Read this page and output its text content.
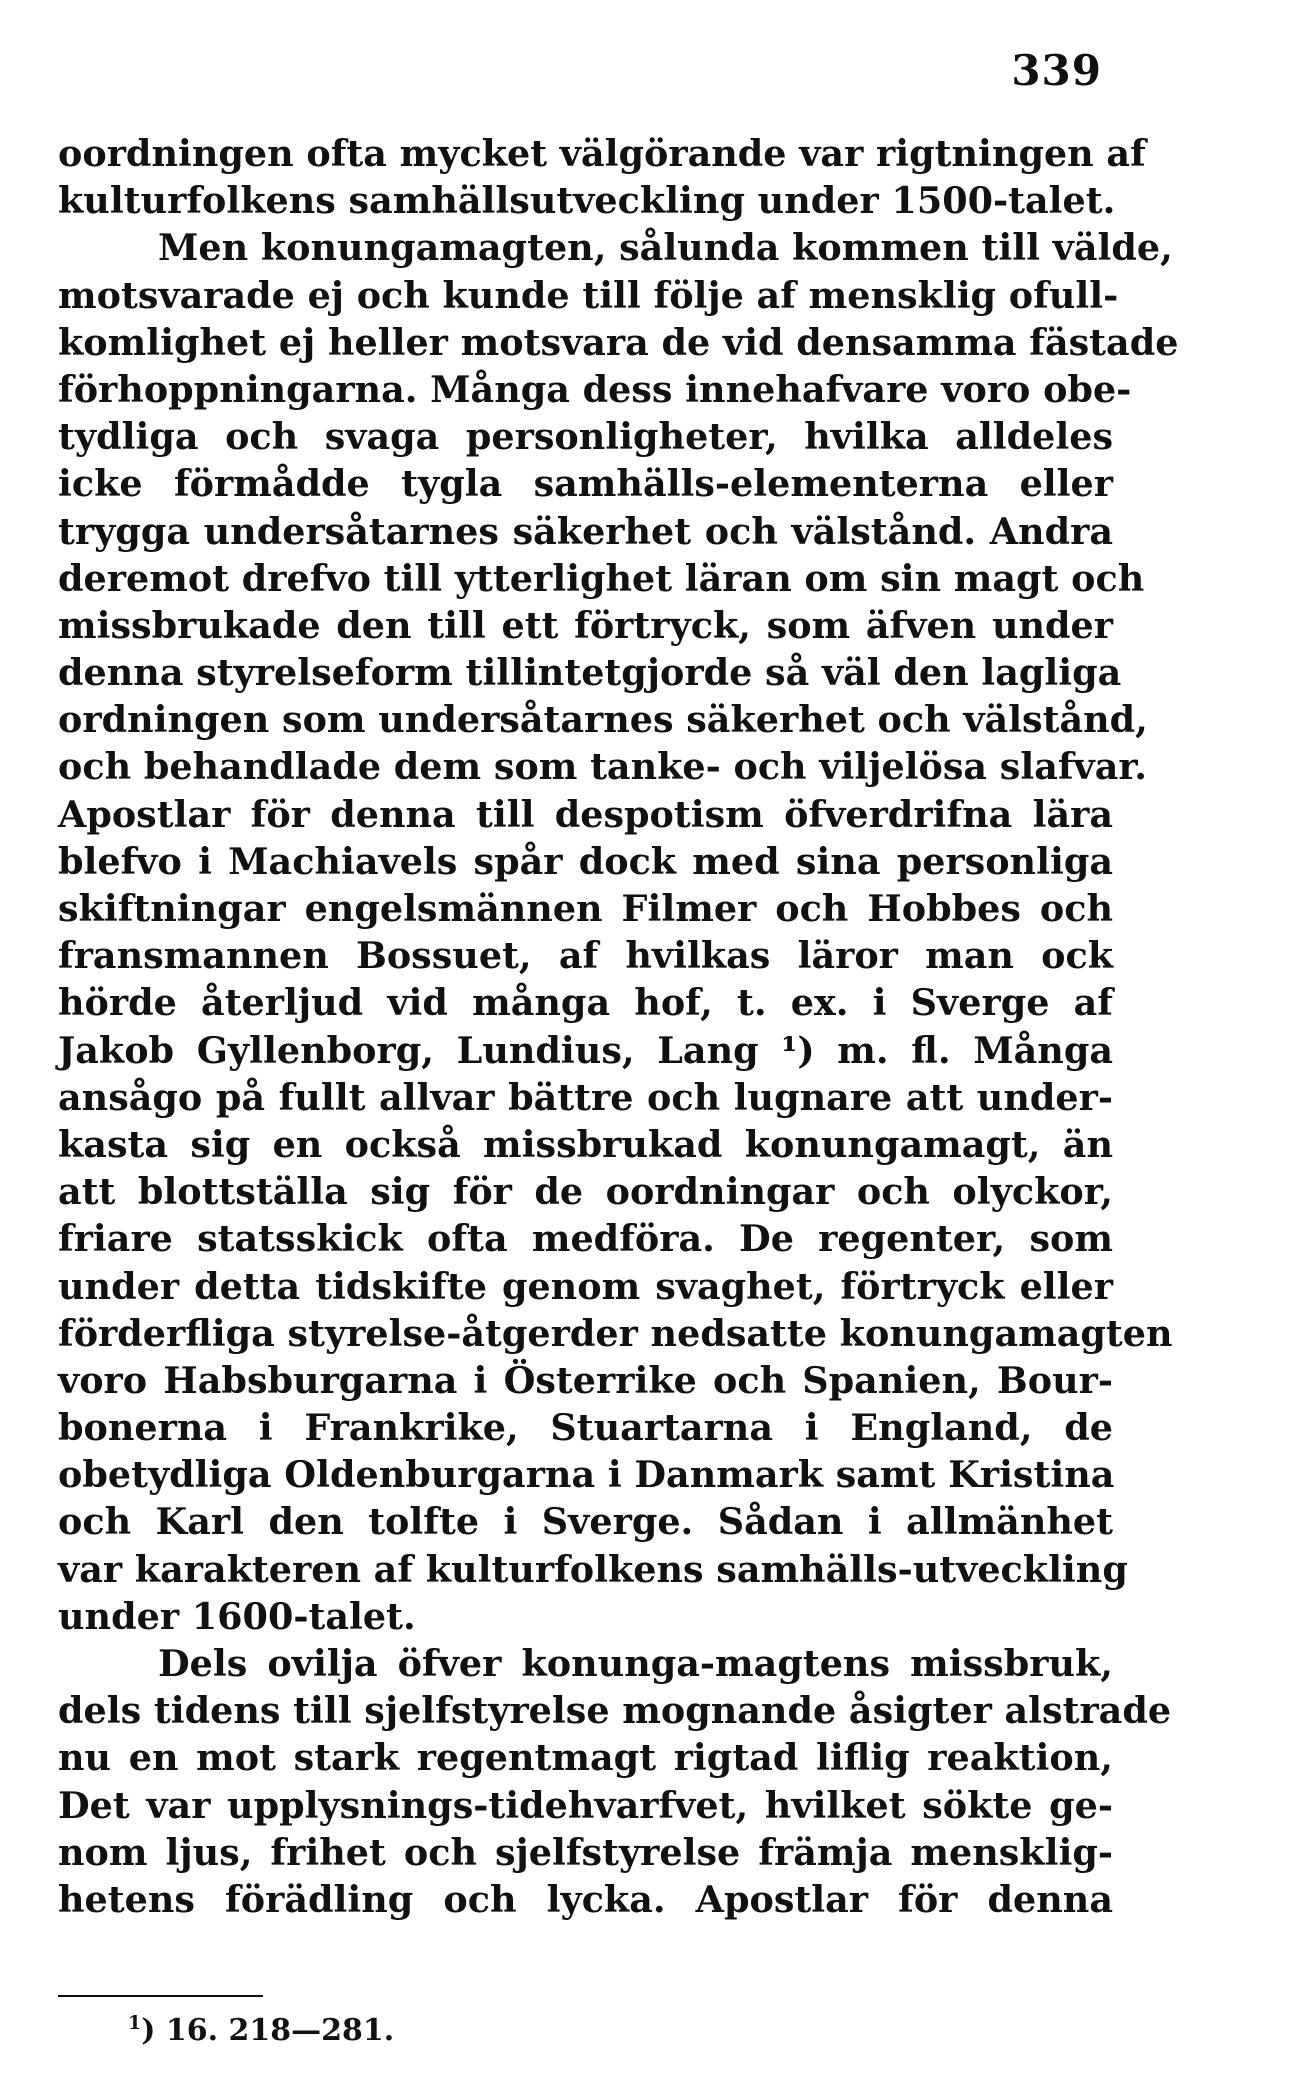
339
oordningen ofta mycket välgörande var rigtningen af
kulturfolkens samhällsutveckling under 1500-talet.
Men konungamagten, sålunda kommen till välde,
motsvarade ej och kunde till följe af mensklig ofull-
komlighet ej heller motsvara de vid densamma fästade
förhoppningarna. Många dess innehafvare voro obe-
tydliga och svaga personligheter, hvilka alldeles
icke förmådde tygla samhälls-elementerna eller
trygga undersåtarnes säkerhet och välstånd. Andra
deremot drefvo till ytterlighet läran om sin magt och
missbrukade den till ett förtryck, som äfven under
denna styrelseform tillintetgjorde så väl den lagliga
ordningen som undersåtarnes säkerhet och välstånd,
och behandlade dem som tanke- och viljelösa slafvar.
Apostlar för denna till despotism öfverdrifna lära
blefvo i Machiavels spår dock med sina personliga
skiftningar engelsmännen Filmer och Hobbes och
fransmannen Bossuet, af hvilkas läror man ock
hörde återljud vid många hof, t. ex. i Sverge af
Jakob Gyllenborg, Lundius, Lang ¹) m. fl. Många
ansågo på fullt allvar bättre och lugnare att under-
kasta sig en också missbrukad konungamagt, än
att blottställa sig för de oordningar och olyckor,
friare statsskick ofta medföra. De regenter, som
under detta tidskifte genom svaghet, förtryck eller
förderfliga styrelse-åtgerder nedsatte konungamagten
voro Habsburgarna i Österrike och Spanien, Bour-
bonerna i Frankrike, Stuartarna i England, de
obetydliga Oldenburgarna i Danmark samt Kristina
och Karl den tolfte i Sverge. Sådan i allmänhet
var karakteren af kulturfolkens samhälls-utveckling
under 1600-talet.
Dels ovilja öfver konunga-magtens missbruk,
dels tidens till sjelfstyrelse mognande åsigter alstrade
nu en mot stark regentmagt rigtad liflig reaktion,
Det var upplysnings-tidehvarfvet, hvilket sökte ge-
nom ljus, frihet och sjelfstyrelse främja mensklig-
hetens förädling och lycka. Apostlar för denna
$^1$) 16. 218—281.
